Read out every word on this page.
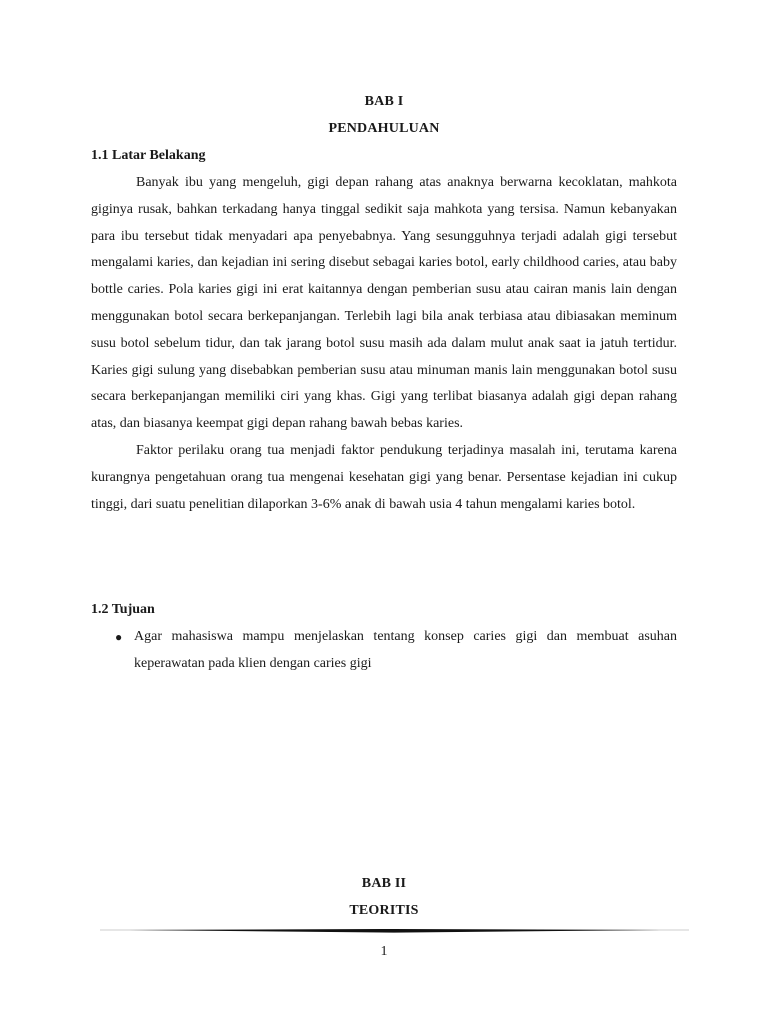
BAB I
PENDAHULUAN
1.1 Latar Belakang

Banyak ibu yang mengeluh, gigi depan rahang atas anaknya berwarna kecoklatan, mahkota giginya rusak, bahkan terkadang hanya tinggal sedikit saja mahkota yang tersisa. Namun kebanyakan para ibu tersebut tidak menyadari apa penyebabnya. Yang sesungguhnya terjadi adalah gigi tersebut mengalami karies, dan kejadian ini sering disebut sebagai karies botol, early childhood caries, atau baby bottle caries. Pola karies gigi ini erat kaitannya dengan pemberian susu atau cairan manis lain dengan menggunakan botol secara berkepanjangan. Terlebih lagi bila anak terbiasa atau dibiasakan meminum susu botol sebelum tidur, dan tak jarang botol susu masih ada dalam mulut anak saat ia jatuh tertidur. Karies gigi sulung yang disebabkan pemberian susu atau minuman manis lain menggunakan botol susu secara berkepanjangan memiliki ciri yang khas. Gigi yang terlibat biasanya adalah gigi depan rahang atas, dan biasanya keempat gigi depan rahang bawah bebas karies.

Faktor perilaku orang tua menjadi faktor pendukung terjadinya masalah ini, terutama karena kurangnya pengetahuan orang tua mengenai kesehatan gigi yang benar. Persentase kejadian ini cukup tinggi, dari suatu penelitian dilaporkan 3-6% anak di bawah usia 4 tahun mengalami karies botol.

1.2 Tujuan
● Agar mahasiswa mampu menjelaskan tentang konsep caries gigi dan membuat asuhan keperawatan pada klien dengan caries gigi
BAB II
TEORITIS
1
